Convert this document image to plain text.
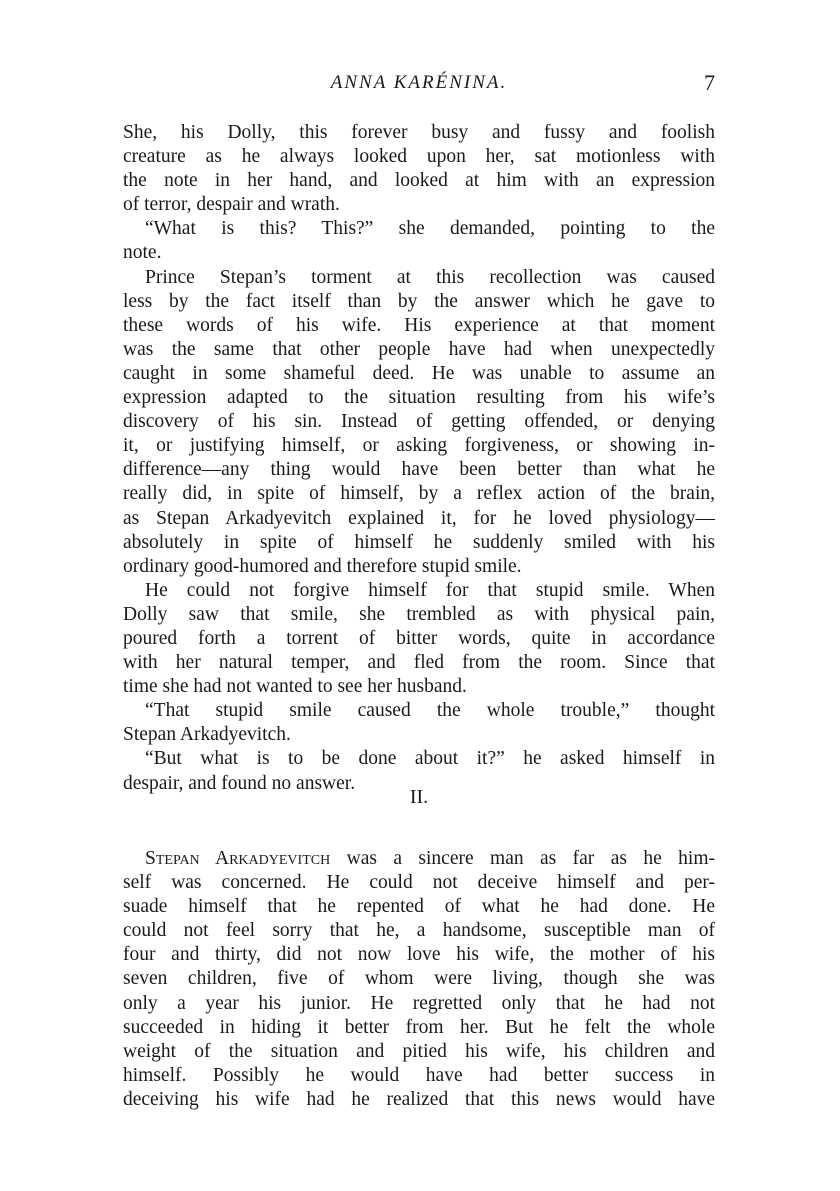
ANNA KARÉNINA.	7
She, his Dolly, this forever busy and fussy and foolish
creature as he always looked upon her, sat motionless with
the note in her hand, and looked at him with an expression
of terror, despair and wrath.
“What is this? This?” she demanded, pointing to the
note.
Prince Stepan’s torment at this recollection was caused
less by the fact itself than by the answer which he gave to
these words of his wife. His experience at that moment
was the same that other people have had when unexpectedly
caught in some shameful deed. He was unable to assume an
expression adapted to the situation resulting from his wife’s
discovery of his sin. Instead of getting offended, or denying
it, or justifying himself, or asking forgiveness, or showing in-
difference—any thing would have been better than what he
really did, in spite of himself, by a reflex action of the brain,
as Stepan Arkadyevitch explained it, for he loved physiology—
absolutely in spite of himself he suddenly smiled with his
ordinary good-humored and therefore stupid smile.
He could not forgive himself for that stupid smile. When
Dolly saw that smile, she trembled as with physical pain,
poured forth a torrent of bitter words, quite in accordance
with her natural temper, and fled from the room. Since that
time she had not wanted to see her husband.
“That stupid smile caused the whole trouble,” thought
Stepan Arkadyevitch.
“But what is to be done about it?” he asked himself in
despair, and found no answer.
II.
Stepan Arkadyevitch was a sincere man as far as he him-
self was concerned. He could not deceive himself and per-
suade himself that he repented of what he had done. He
could not feel sorry that he, a handsome, susceptible man of
four and thirty, did not now love his wife, the mother of his
seven children, five of whom were living, though she was
only a year his junior. He regretted only that he had not
succeeded in hiding it better from her. But he felt the whole
weight of the situation and pitied his wife, his children and
himself. Possibly he would have had better success in
deceiving his wife had he realized that this news would have
